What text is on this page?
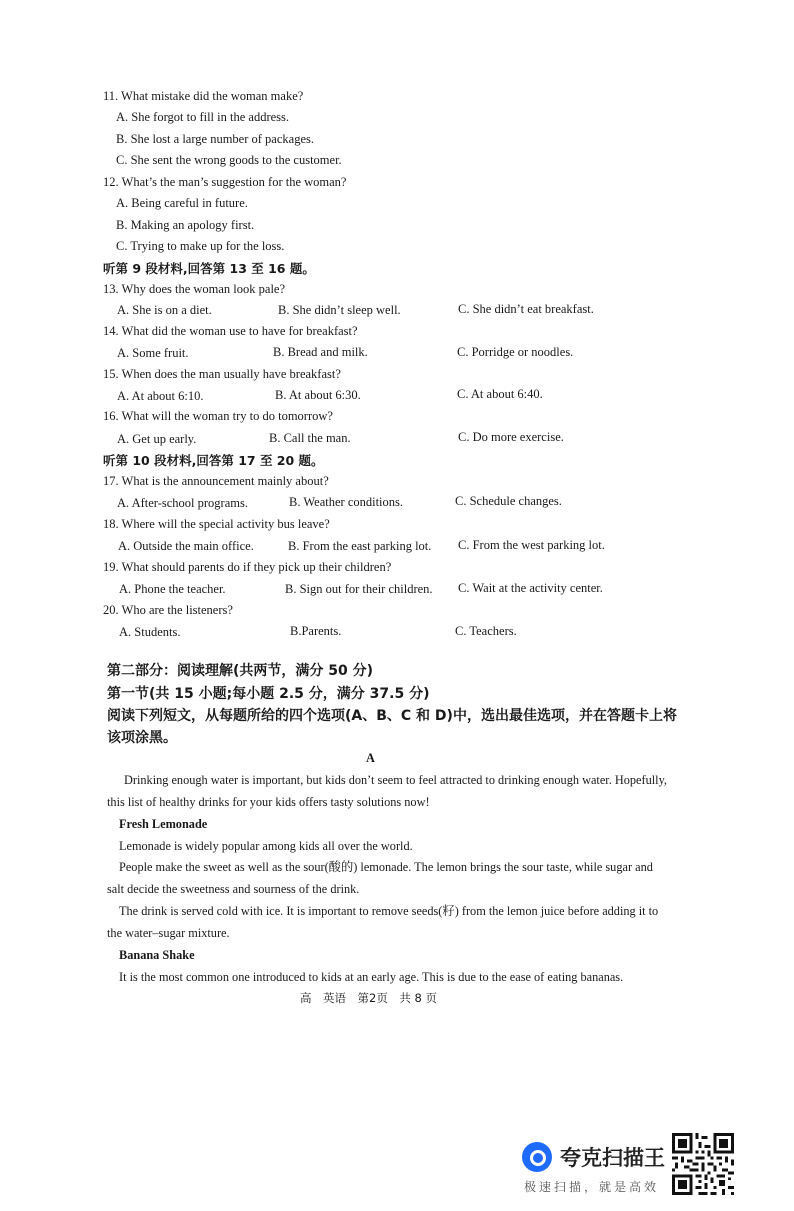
11. What mistake did the woman make?
A. She forgot to fill in the address.
B. She lost a large number of packages.
C. She sent the wrong goods to the customer.
12. What’s the man’s suggestion for the woman?
A. Being careful in future.
B. Making an apology first.
C. Trying to make up for the loss.
听第 9 段材料,回答第 13 至 16 题。
13. Why does the woman look pale?
A. She is on a diet.	B. She didn’t sleep well.	C. She didn’t eat breakfast.
14. What did the woman use to have for breakfast?
A. Some fruit.	B. Bread and milk.	C. Porridge or noodles.
15. When does the man usually have breakfast?
A. At about 6:10.	B. At about 6:30.	C. At about 6:40.
16. What will the woman try to do tomorrow?
A. Get up early.	B. Call the man.	C. Do more exercise.
听第 10 段材料,回答第 17 至 20 题。
17. What is the announcement mainly about?
A. After-school programs.	B. Weather conditions.	C. Schedule changes.
18. Where will the special activity bus leave?
A. Outside the main office.	B. From the east parking lot. C. From the west parking lot.
19. What should parents do if they pick up their children?
A. Phone the teacher.	B. Sign out for their children. C. Wait at the activity center.
20. Who are the listeners?
A. Students.	B.Parents.	C. Teachers.
第二部分：阅读理解(共两节，满分 50 分)
第一节(共 15 小题;每小题 2.5 分，满分 37.5 分)
阅读下列短文，从每题所给的四个选项(A、B、C 和 D)中，选出最佳选项，并在答题卡上将
该项涂黑。
A
Drinking enough water is important, but kids don’t seem to feel attracted to drinking enough water. Hopefully,
this list of healthy drinks for your kids offers tasty solutions now!
Fresh Lemonade
Lemonade is widely popular among kids all over the world.
People make the sweet as well as the sour(酸的) lemonade. The lemon brings the sour taste, while sugar and
salt decide the sweetness and sourness of the drink.
The drink is served cold with ice. It is important to remove seeds(籽) from the lemon juice before adding it to
the water–sugar mixture.
Banana Shake
It is the most common one introduced to kids at an early age. This is due to the ease of eating bananas.
高　英语　第2页　共 8 页
夸克扫描王
极速扫描，就是高效
